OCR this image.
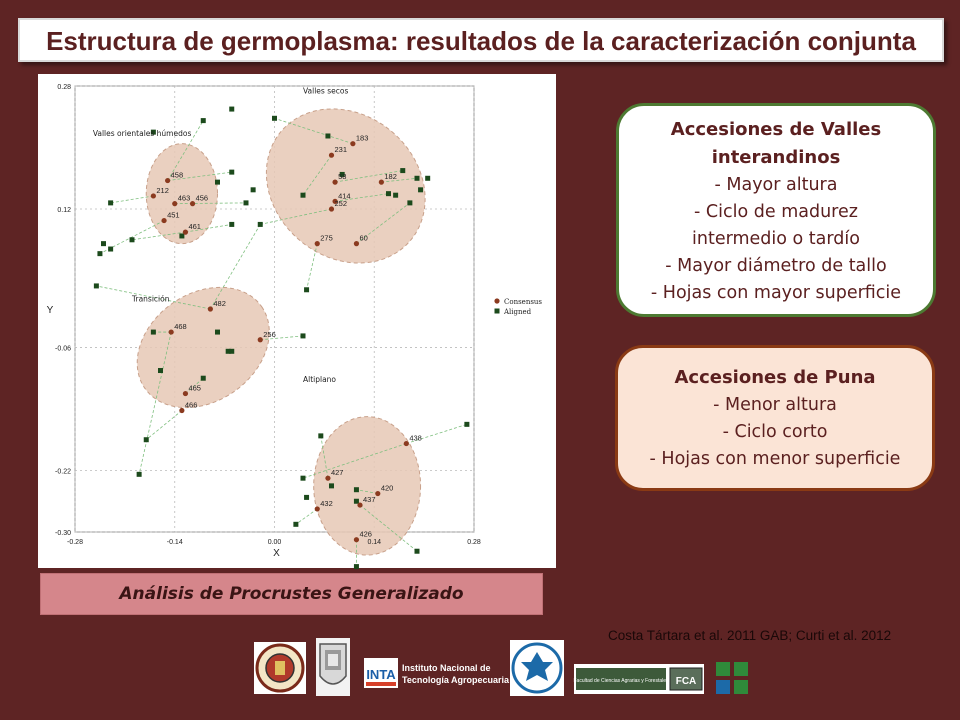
Estructura de germoplasma: resultados de la caracterización conjunta
-0.28	-0.14	0.00	0.14	0.28
0.28
0.12
-0.06
-0.22
-0.30
X
Y
Valles orientales húmedos
Valles secos
Transición
Altiplano
458
212
463 456
451
461
183
231
58
414
182
252
275	60
482
468
256
465
466
438
427
420
432	437
426
Consensus
Aligned
Análisis de Procrustes Generalizado
Accesiones de Valles
interandinos
- Mayor altura
- Ciclo de madurez
intermedio o tardío
- Mayor diámetro de tallo
- Hojas con mayor superficie
Accesiones de Puna
- Menor altura
- Ciclo corto
- Hojas con menor superficie
Costa Tártara et al. 2011 GAB; Curti et al. 2012
INTA Instituto Nacional de
Tecnología Agropecuaria	Facultad de Ciencias Agrarias y Forestales FCA
